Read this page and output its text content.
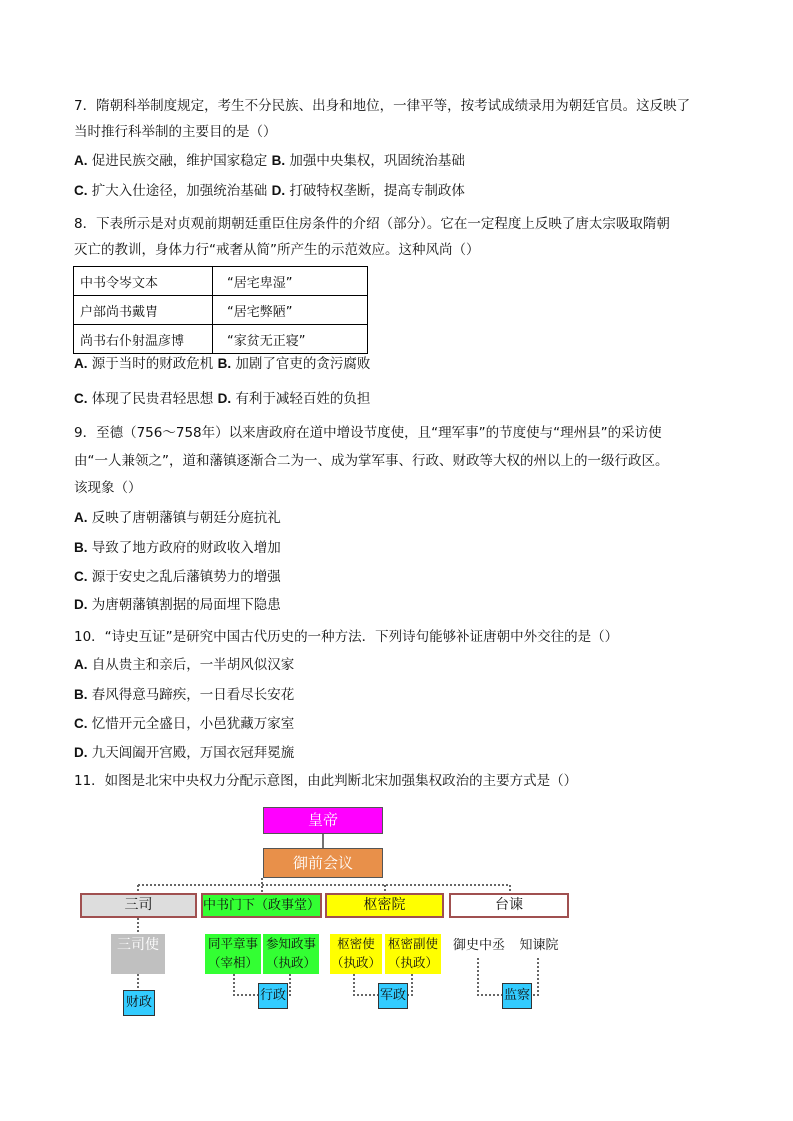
7．隋朝科举制度规定，考生不分民族、出身和地位，一律平等，按考试成绩录用为朝廷官员。这反映了
当时推行科举制的主要目的是（）
A. 促进民族交融，维护国家稳定 B. 加强中央集权，巩固统治基础
C. 扩大入仕途径，加强统治基础 D. 打破特权垄断，提高专制政体
8．下表所示是对贞观前期朝廷重臣住房条件的介绍（部分）。它在一定程度上反映了唐太宗吸取隋朝
灭亡的教训，身体力行“戒奢从简”所产生的示范效应。这种风尚（）
中书令岑文本	“居宅卑湿”
户部尚书戴胄	“居宅弊陋”
尚书右仆射温彦博	“家贫无正寝”
A. 源于当时的财政危机 B. 加剧了官吏的贪污腐败
C. 体现了民贵君轻思想 D. 有利于减轻百姓的负担
9．至德（756～758年）以来唐政府在道中增设节度使，且“理军事”的节度使与“理州县”的采访使
由“一人兼领之”，道和藩镇逐渐合二为一、成为掌军事、行政、财政等大权的州以上的一级行政区。
该现象（）
A. 反映了唐朝藩镇与朝廷分庭抗礼
B. 导致了地方政府的财政收入增加
C. 源于安史之乱后藩镇势力的增强
D. 为唐朝藩镇割据的局面埋下隐患
10．“诗史互证”是研究中国古代历史的一种方法．下列诗句能够补证唐朝中外交往的是（）
A. 自从贵主和亲后，一半胡风似汉家
B. 春风得意马蹄疾，一日看尽长安花
C. 忆惜开元全盛日，小邑犹藏万家室
D. 九天阊阖开宫殿，万国衣冠拜冕旒
11．如图是北宋中央权力分配示意图，由此判断北宋加强集权政治的主要方式是（）
皇帝
御前会议
三司	中书门下（政事堂）	枢密院	台谏
三司使	同平章事
（宰相）
参知政事
（执政）
枢密使
（执政）
枢密副使
（执政）
御史中丞	知谏院
财政	行政	军政	监察
